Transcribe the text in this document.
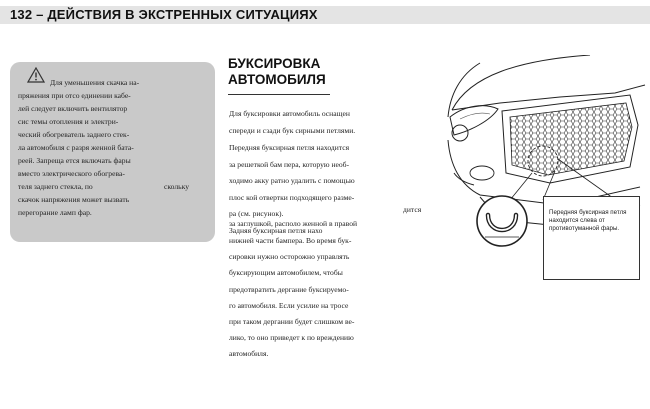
132 – ДЕЙСТВИЯ В ЭКСТРЕННЫХ СИТУАЦИЯХ
Для уменьшения скачка на-
пряжения при отсо единении кабе-
лей следует включить вентилятор
сис темы отопления и электри-
ческий обогреватель заднего стек-
ла автомобиля с разря женной бата-
реей. Запреща ется включать фары
вместо электрического обогрева-
теля заднего стекла, по
скачок напряжения может вызвать
перегорание ламп фар.
скольку
БУКСИРОВКА
АВТОМОБИЛЯ
Для буксировки автомобиль оснащен
спереди и сзади бук сирными петлями.
Передняя буксирная петля находится
за решеткой бам пера, которую необ-
ходимо акку ратно удалить с помощью
плос кой отвертки подходящего разме-
ра (см. рисунок).
за заглушкой, располо женной в правой
Задняя буксирная петля нахо
нижней части бампера. Во время бук-
сировки нужно осторожно управлять
буксирующим автомобилем, чтобы
предотвратить дергание буксируемо-
го автомобиля. Если усилие на тросе
при таком дергании будет слишком ве-
лико, то оно приведет к по вреждению
автомобиля.
дится	Передняя буксирная петля находится слева от противотуманной фары.
